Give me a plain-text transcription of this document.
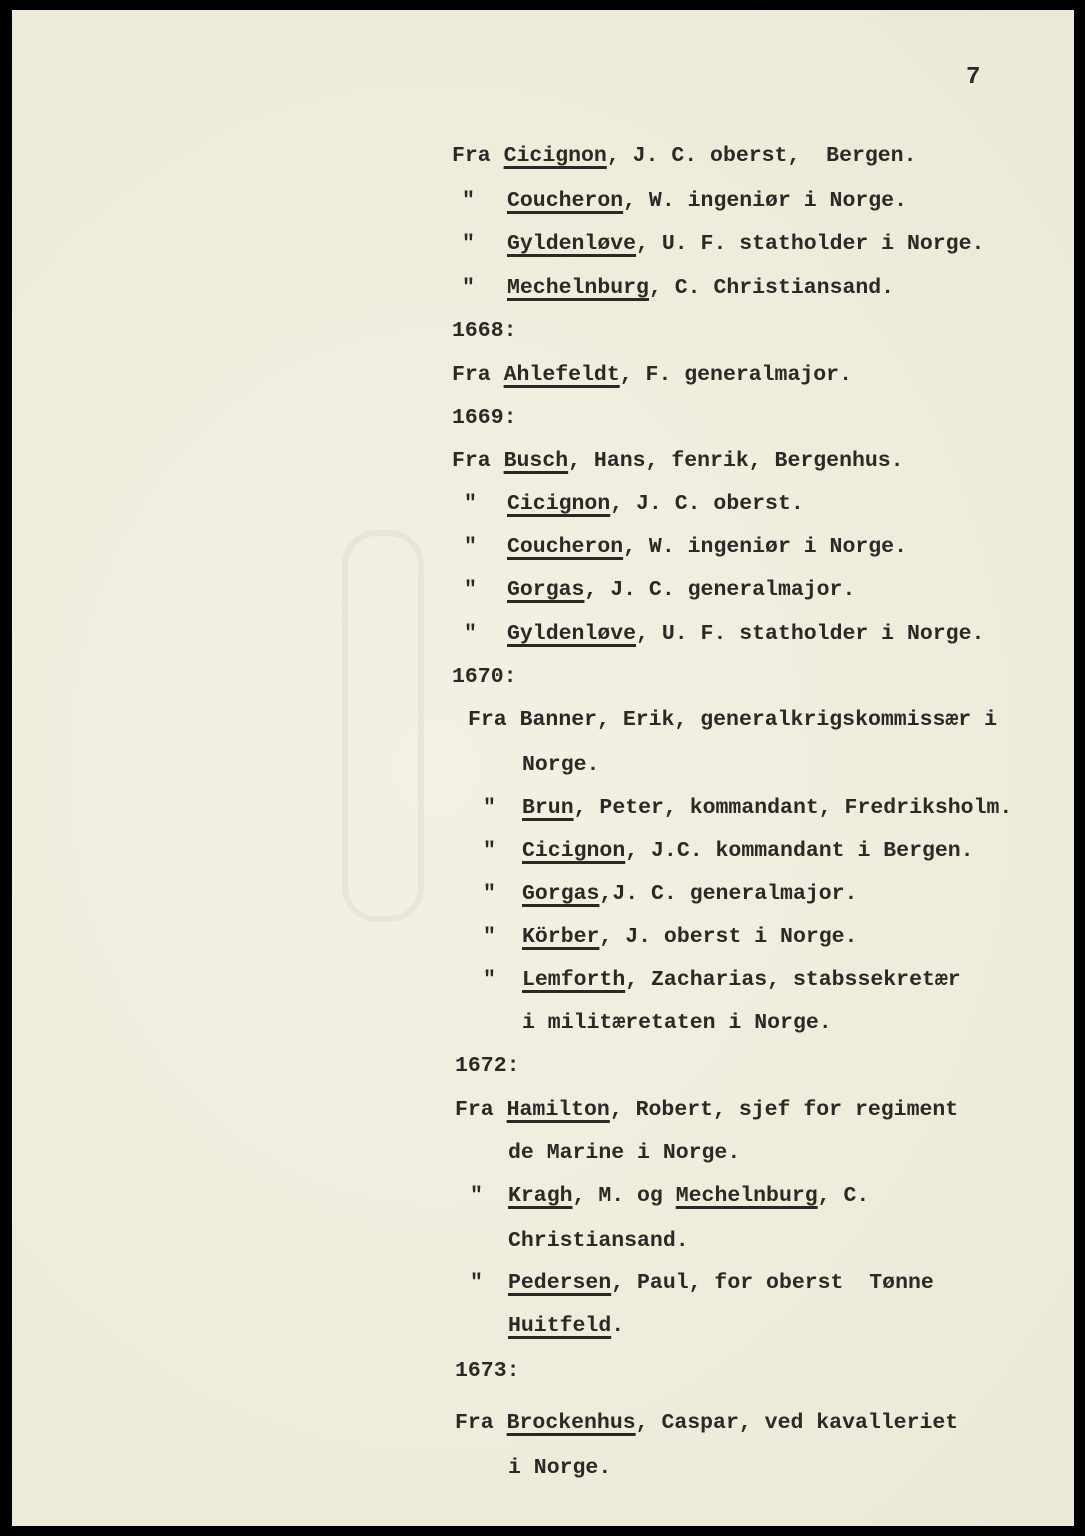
7
Fra Cicignon, J. C. oberst,  Bergen.
" Coucheron, W. ingeniør i Norge.
" Gyldenløve, U. F. statholder i Norge.
" Mechelnburg, C. Christiansand.
1668:
Fra Ahlefeldt, F. generalmajor.
1669:
Fra Busch, Hans, fenrik, Bergenhus.
" Cicignon, J. C. oberst.
" Coucheron, W. ingeniør i Norge.
" Gorgas, J. C. generalmajor.
" Gyldenløve, U. F. statholder i Norge.
1670:
Fra Banner, Erik, generalkrigskommissær i
Norge.
" Brun, Peter, kommandant, Fredriksholm.
" Cicignon, J.C. kommandant i Bergen.
" Gorgas,J. C. generalmajor.
" Körber, J. oberst i Norge.
" Lemforth, Zacharias, stabssekretær
i militæretaten i Norge.
1672:
Fra Hamilton, Robert, sjef for regiment
de Marine i Norge.
" Kragh, M. og Mechelnburg, C.
Christiansand.
" Pedersen, Paul, for oberst  Tønne
Huitfeld.
1673:
Fra Brockenhus, Caspar, ved kavalleriet
i Norge.
